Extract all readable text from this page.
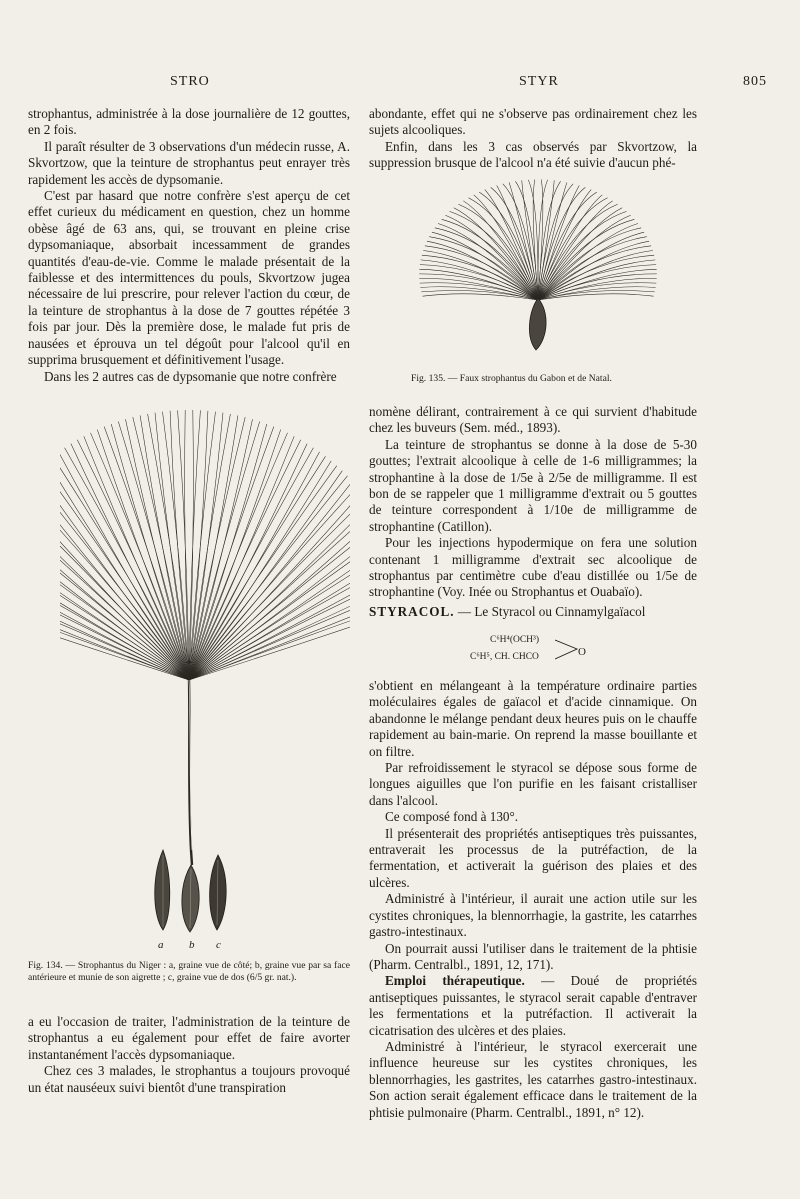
STRO	STYR	805

strophantus, administrée à la dose journalière de 12 gouttes, en 2 fois.

Il paraît résulter de 3 observations d'un médecin russe, A. Skvortzow, que la teinture de strophantus peut enrayer très rapidement les accès de dypsomanie.

C'est par hasard que notre confrère s'est aperçu de cet effet curieux du médicament en question, chez un homme obèse âgé de 63 ans, qui, se trouvant en pleine crise dypsomaniaque, absorbait incessamment de grandes quantités d'eau-de-vie. Comme le malade présentait de la faiblesse et des intermittences du pouls, Skvortzow jugea nécessaire de lui prescrire, pour relever l'action du cœur, de la teinture de strophantus à la dose de 7 gouttes répétée 3 fois par jour. Dès la première dose, le malade fut pris de nausées et éprouva un tel dégoût pour l'alcool qu'il en supprima brusquement et définitivement l'usage.

Dans les 2 autres cas de dypsomanie que notre confrère

a b c
Fig. 134. — Strophantus du Niger : a, graine vue de côté; b, graine vue par sa face antérieure et munie de son aigrette ; c, graine vue de dos (6/5 gr. nat.).

a eu l'occasion de traiter, l'administration de la teinture de strophantus a eu également pour effet de faire avorter instantanément l'accès dypsomaniaque.

Chez ces 3 malades, le strophantus a toujours provoqué un état nauséeux suivi bientôt d'une transpiration

abondante, effet qui ne s'observe pas ordinairement chez les sujets alcooliques.

Enfin, dans les 3 cas observés par Skvortzow, la suppression brusque de l'alcool n'a été suivie d'aucun phé-

Fig. 135. — Faux strophantus du Gabon et de Natal.

nomène délirant, contrairement à ce qui survient d'habitude chez les buveurs (Sem. méd., 1893).

La teinture de strophantus se donne à la dose de 5-30 gouttes; l'extrait alcoolique à celle de 1-6 milligrammes; la strophantine à la dose de 1/5e à 2/5e de milligramme. Il est bon de se rappeler que 1 milligramme d'extrait ou 5 gouttes de teinture correspondent à 1/10e de milligramme de strophantine (Catillon).

Pour les injections hypodermique on fera une solution contenant 1 milligramme d'extrait sec alcoolique de strophantus par centimètre cube d'eau distillée ou 1/5e de strophantine (Voy. Inée ou Strophantus et Ouabaïo).

STYRACOL. — Le Styracol ou Cinnamylgaïacol

C⁶H⁴(OCH³)
C⁶H⁵, CH. CHCO	O

s'obtient en mélangeant à la température ordinaire parties moléculaires égales de gaïacol et d'acide cinnamique. On abandonne le mélange pendant deux heures puis on le chauffe rapidement au bain-marie. On reprend la masse bouillante et on filtre.

Par refroidissement le styracol se dépose sous forme de longues aiguilles que l'on purifie en les faisant cristalliser dans l'alcool.

Ce composé fond à 130°.

Il présenterait des propriétés antiseptiques très puissantes, entraverait les processus de la putréfaction, de la fermentation, et activerait la guérison des plaies et des ulcères.

Administré à l'intérieur, il aurait une action utile sur les cystites chroniques, la blennorrhagie, la gastrite, les catarrhes gastro-intestinaux.

On pourrait aussi l'utiliser dans le traitement de la phtisie (Pharm. Centralbl., 1891, 12, 171).

Emploi thérapeutique. — Doué de propriétés antiseptiques puissantes, le styracol serait capable d'entraver les fermentations et la putréfaction. Il activerait la cicatrisation des ulcères et des plaies.

Administré à l'intérieur, le styracol exercerait une influence heureuse sur les cystites chroniques, les blennorrhagies, les gastrites, les catarrhes gastro-intestinaux. Son action serait également efficace dans le traitement de la phtisie pulmonaire (Pharm. Centralbl., 1891, n° 12).
